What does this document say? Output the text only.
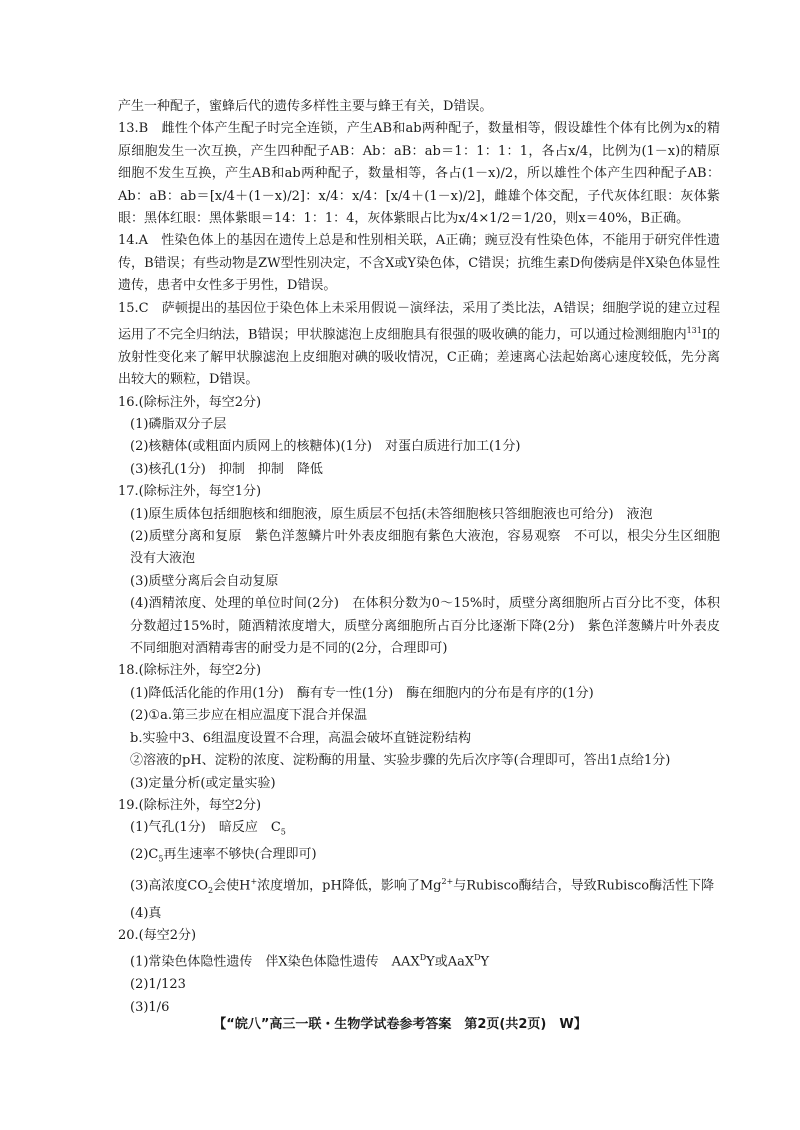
产生一种配子，蜜蜂后代的遗传多样性主要与蜂王有关，D错误。

13.B　雌性个体产生配子时完全连锁，产生AB和ab两种配子，数量相等，假设雄性个体有比例为x的精原细胞发生一次互换，产生四种配子AB：Ab：aB：ab＝1：1：1：1，各占x/4，比例为(1－x)的精原细胞不发生互换，产生AB和ab两种配子，数量相等，各占(1－x)/2，所以雄性个体产生四种配子AB：Ab：aB：ab＝[x/4＋(1－x)/2]：x/4：x/4：[x/4＋(1－x)/2]，雌雄个体交配，子代灰体红眼：灰体紫眼：黑体红眼：黑体紫眼＝14：1：1：4，灰体紫眼占比为x/4×1/2＝1/20，则x＝40%，B正确。

14.A　性染色体上的基因在遗传上总是和性别相关联，A正确；豌豆没有性染色体，不能用于研究伴性遗传，B错误；有些动物是ZW型性别决定，不含X或Y染色体，C错误；抗维生素D佝偻病是伴X染色体显性遗传，患者中女性多于男性，D错误。

15.C　萨顿提出的基因位于染色体上未采用假说－演绎法，采用了类比法，A错误；细胞学说的建立过程运用了不完全归纳法，B错误；甲状腺滤泡上皮细胞具有很强的吸收碘的能力，可以通过检测细胞内$^{131}$I的放射性变化来了解甲状腺滤泡上皮细胞对碘的吸收情况，C正确；差速离心法起始离心速度较低，先分离出较大的颗粒，D错误。

16.(除标注外，每空2分)

(1)磷脂双分子层

(2)核糖体(或粗面内质网上的核糖体)(1分)　对蛋白质进行加工(1分)

(3)核孔(1分)　抑制　抑制　降低

17.(除标注外，每空1分)

(1)原生质体包括细胞核和细胞液，原生质层不包括(未答细胞核只答细胞液也可给分)　液泡

(2)质壁分离和复原　紫色洋葱鳞片叶外表皮细胞有紫色大液泡，容易观察　不可以，根尖分生区细胞没有大液泡

(3)质壁分离后会自动复原

(4)酒精浓度、处理的单位时间(2分)　在体积分数为0～15%时，质壁分离细胞所占百分比不变，体积分数超过15%时，随酒精浓度增大，质壁分离细胞所占百分比逐渐下降(2分)　紫色洋葱鳞片叶外表皮不同细胞对酒精毒害的耐受力是不同的(2分，合理即可)

18.(除标注外，每空2分)

(1)降低活化能的作用(1分)　酶有专一性(1分)　酶在细胞内的分布是有序的(1分)

(2)①a.第三步应在相应温度下混合并保温

b.实验中3、6组温度设置不合理，高温会破坏直链淀粉结构

②溶液的pH、淀粉的浓度、淀粉酶的用量、实验步骤的先后次序等(合理即可，答出1点给1分)

(3)定量分析(或定量实验)

19.(除标注外，每空2分)

(1)气孔(1分)　暗反应　$C_5$

$(2)C_5$再生速率不够快(合理即可)

(3)高浓度$CO_2$会使H+浓度增加，pH降低，影响了$Mg^{2+}$与Rubisco酶结合，导致Rubisco酶活性下降

(4)真

20.(每空2分)

(1)常染色体隐性遗传　伴X染色体隐性遗传　$AAX^DY$或AaX$^D$Y

(2)1/123

(3)1/6

【“皖八”高三一联・生物学试卷参考答案　第2页(共2页)　W】
